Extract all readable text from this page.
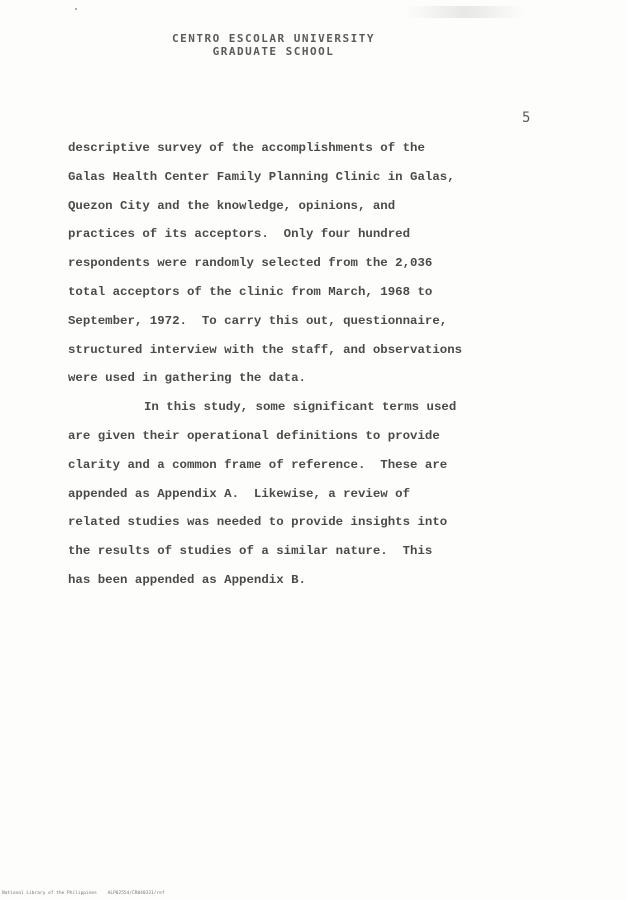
CENTRO ESCOLAR UNIVERSITY
GRADUATE SCHOOL
5
descriptive survey of the accomplishments of the
Galas Health Center Family Planning Clinic in Galas,
Quezon City and the knowledge, opinions, and
practices of its acceptors.  Only four hundred
respondents were randomly selected from the 2,036
total acceptors of the clinic from March, 1968 to
September, 1972.  To carry this out, questionnaire,
structured interview with the staff, and observations
were used in gathering the data.
In this study, some significant terms used
are given their operational definitions to provide
clarity and a common frame of reference.  These are
appended as Appendix A.  Likewise, a review of
related studies was needed to provide insights into
the results of studies of a similar nature.  This
has been appended as Appendix B.
National Library of the Philippines    ALP02554/CR040331/ref
